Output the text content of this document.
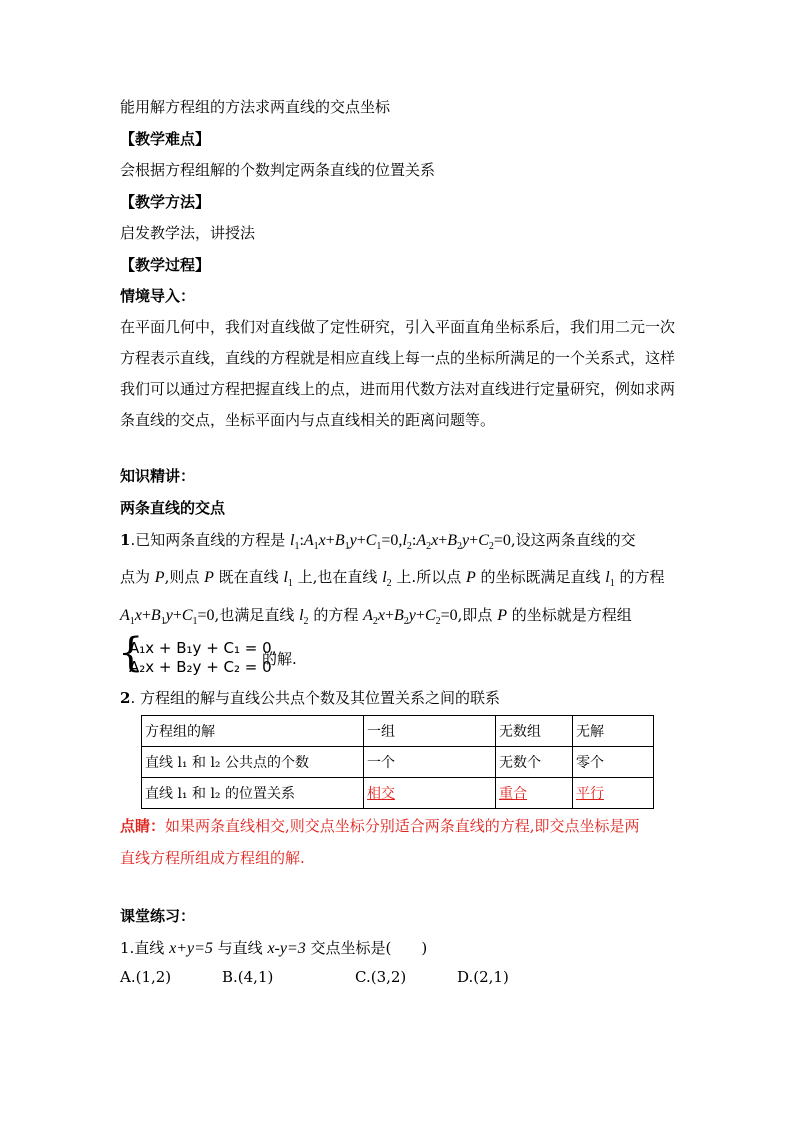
能用解方程组的方法求两直线的交点坐标
【教学难点】
会根据方程组解的个数判定两条直线的位置关系
【教学方法】
启发教学法，讲授法
【教学过程】
情境导入：
在平面几何中，我们对直线做了定性研究，引入平面直角坐标系后，我们用二元一次方程表示直线，直线的方程就是相应直线上每一点的坐标所满足的一个关系式，这样我们可以通过方程把握直线上的点，进而用代数方法对直线进行定量研究，例如求两条直线的交点，坐标平面内与点直线相关的距离问题等。
知识精讲：
两条直线的交点
1.已知两条直线的方程是 $l_1:A_1x+B_1y+C_1=0,l_2:A_2x+B_2y+C_2=0$,设这两条直线的交
点为 P,则点 P 既在直线 $l_1$ 上,也在直线 $l_2$ 上.所以点 P 的坐标既满足直线 $l_1$ 的方程
$A_1x+B_1y+C_1=0$,也满足直线 $l_2$ 的方程 $A_2x+B_2y+C_2=0$,即点 P 的坐标就是方程组
{
A₁x + B₁y + C₁ = 0,
A₂x + B₂y + C₂ = 0
的解.
2. 方程组的解与直线公共点个数及其位置关系之间的联系
方程组的解	一组	无数组	无解
直线 l₁ 和 l₂ 公共点的个数	一个	无数个	零个
直线 l₁ 和 l₂ 的位置关系	相交	重合	平行
点睛：如果两条直线相交,则交点坐标分别适合两条直线的方程,即交点坐标是两
直线方程所组成方程组的解.
课堂练习：
1.直线 x+y=5 与直线 x-y=3 交点坐标是(　　)
A.(1,2)	B.(4,1)	C.(3,2)	D.(2,1)
